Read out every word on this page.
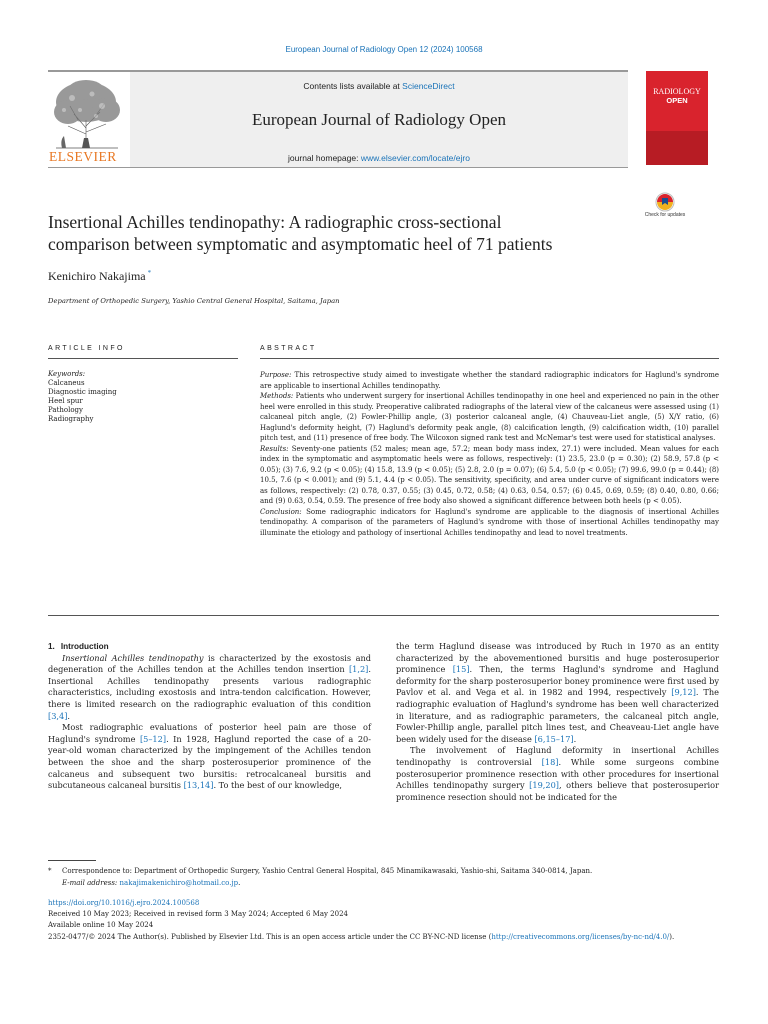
European Journal of Radiology Open 12 (2024) 100568
ELSEVIER
Contents lists available at ScienceDirect
European Journal of Radiology Open
journal homepage: www.elsevier.com/locate/ejro
RADIOLOGY
OPEN
Check for updates
Insertional Achilles tendinopathy: A radiographic cross-sectional
comparison between symptomatic and asymptomatic heel of 71 patients
Kenichiro Nakajima *
Department of Orthopedic Surgery, Yashio Central General Hospital, Saitama, Japan
ARTICLE INFO	ABSTRACT
Keywords:
Calcaneus
Diagnostic imaging
Heel spur
Pathology
Radiography

Purpose: This retrospective study aimed to investigate whether the standard radiographic indicators for Haglund's syndrome are applicable to insertional Achilles tendinopathy.

Methods: Patients who underwent surgery for insertional Achilles tendinopathy in one heel and experienced no pain in the other heel were enrolled in this study. Preoperative calibrated radiographs of the lateral view of the calcaneus were assessed using (1) calcaneal pitch angle, (2) Fowler-Phillip angle, (3) posterior calcaneal angle, (4) Chauveau-Liet angle, (5) X/Y ratio, (6) Haglund's deformity height, (7) Haglund's deformity peak angle, (8) calcification length, (9) calcification width, (10) parallel pitch test, and (11) presence of free body. The Wilcoxon signed rank test and McNemar's test were used for statistical analyses.

Results: Seventy-one patients (52 males; mean age, 57.2; mean body mass index, 27.1) were included. Mean values for each index in the symptomatic and asymptomatic heels were as follows, respectively: (1) 23.5, 23.0 (p = 0.30); (2) 58.9, 57.8 (p < 0.05); (3) 7.6, 9.2 (p < 0.05); (4) 15.8, 13.9 (p < 0.05); (5) 2.8, 2.0 (p = 0.07); (6) 5.4, 5.0 (p < 0.05); (7) 99.6, 99.0 (p = 0.44); (8) 10.5, 7.6 (p < 0.001); and (9) 5.1, 4.4 (p < 0.05). The sensitivity, specificity, and area under curve of significant indicators were as follows, respectively: (2) 0.78, 0.37, 0.55; (3) 0.45, 0.72, 0.58; (4) 0.63, 0.54, 0.57; (6) 0.45, 0.69, 0.59; (8) 0.40, 0.80, 0.66; and (9) 0.63, 0.54, 0.59. The presence of free body also showed a significant difference between both heels (p < 0.05).

Conclusion: Some radiographic indicators for Haglund's syndrome are applicable to the diagnosis of insertional Achilles tendinopathy. A comparison of the parameters of Haglund's syndrome with those of insertional Achilles tendinopathy may illuminate the etiology and pathology of insertional Achilles tendinopathy and lead to novel treatments.

1. Introduction

Insertional Achilles tendinopathy is characterized by the exostosis and degeneration of the Achilles tendon at the Achilles tendon insertion [1,2]. Insertional Achilles tendinopathy presents various radiographic characteristics, including exostosis and intra-tendon calcification. However, there is limited research on the radiographic evaluation of this condition [3,4].

Most radiographic evaluations of posterior heel pain are those of Haglund's syndrome [5–12]. In 1928, Haglund reported the case of a 20-year-old woman characterized by the impingement of the Achilles tendon between the shoe and the sharp posterosuperior prominence of the calcaneus and subsequent two bursitis: retrocalcaneal bursitis and subcutaneous calcaneal bursitis [13,14]. To the best of our knowledge,

the term Haglund disease was introduced by Ruch in 1970 as an entity characterized by the abovementioned bursitis and huge posterosuperior prominence [15]. Then, the terms Haglund's syndrome and Haglund deformity for the sharp posterosuperior boney prominence were first used by Pavlov et al. and Vega et al. in 1982 and 1994, respectively [9,12]. The radiographic evaluation of Haglund's syndrome has been well characterized in literature, and as radiographic parameters, the calcaneal pitch angle, Fowler-Phillip angle, parallel pitch lines test, and Cheaveau-Liet angle have been widely used for the disease [6,15–17].

The involvement of Haglund deformity in insertional Achilles tendinopathy is controversial [18]. While some surgeons combine posterosuperior prominence resection with other procedures for insertional Achilles tendinopathy surgery [19,20], others believe that posterosuperior prominence resection should not be indicated for the

* Correspondence to: Department of Orthopedic Surgery, Yashio Central General Hospital, 845 Minamikawasaki, Yashio-shi, Saitama 340-0814, Japan.
E-mail address: nakajimakenichiro@hotmail.co.jp.
https://doi.org/10.1016/j.ejro.2024.100568
Received 10 May 2023; Received in revised form 3 May 2024; Accepted 6 May 2024
Available online 10 May 2024
2352-0477/© 2024 The Author(s). Published by Elsevier Ltd. This is an open access article under the CC BY-NC-ND license (http://creativecommons.org/licenses/by-nc-nd/4.0/).
